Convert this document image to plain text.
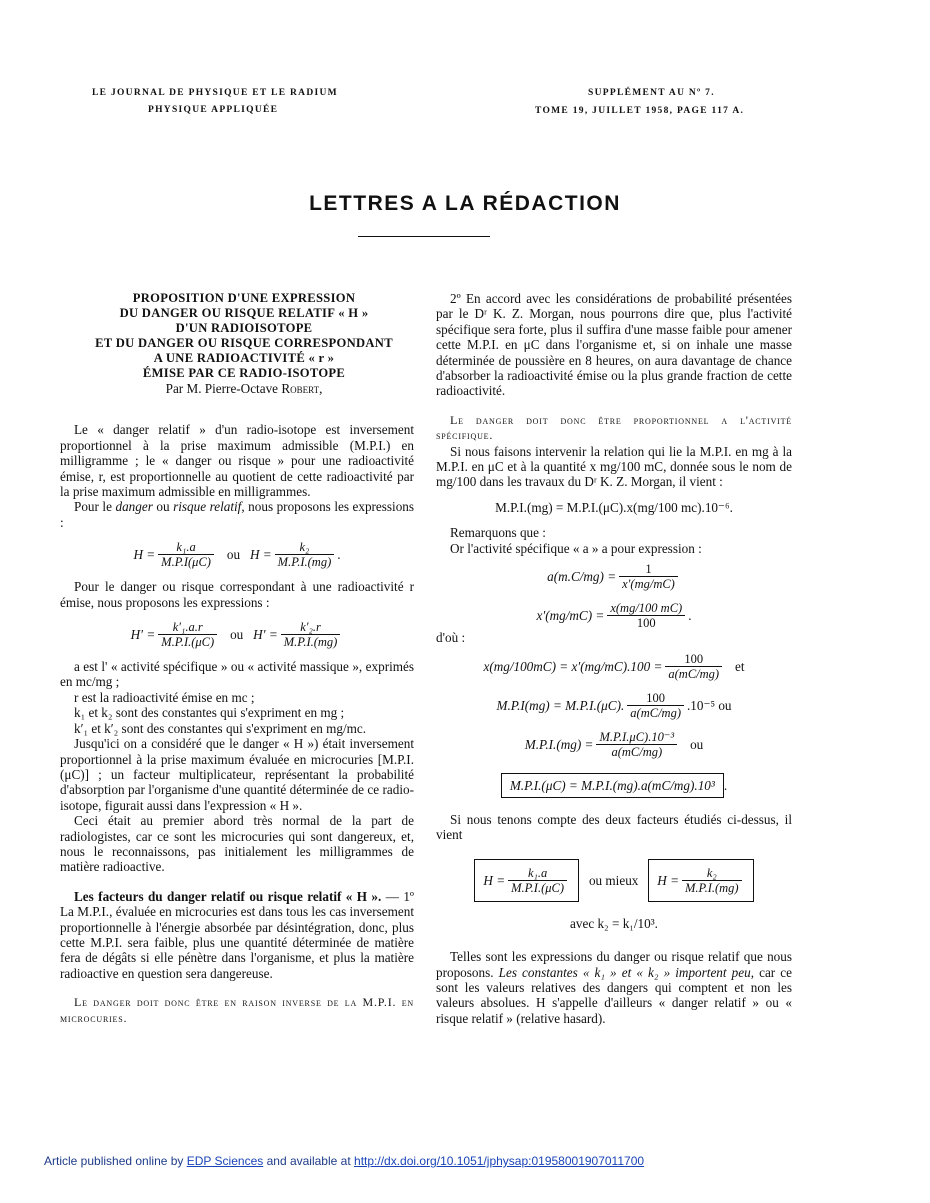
LE JOURNAL DE PHYSIQUE ET LE RADIUM
PHYSIQUE APPLIQUÉE
SUPPLÉMENT AU Nº 7.
TOME 19, JUILLET 1958, PAGE 117 A.
LETTRES A LA RÉDACTION

PROPOSITION D'UNE EXPRESSION

DU DANGER OU RISQUE RELATIF « H »

D'UN RADIOISOTOPE

ET DU DANGER OU RISQUE CORRESPONDANT

A UNE RADIOACTIVITÉ « r »

ÉMISE PAR CE RADIO-ISOTOPE

Par M. Pierre-Octave Robert,

Le « danger relatif » d'un radio-isotope est inversement proportionnel à la prise maximum admissible (M.P.I.) en milligramme ; le « danger ou risque » pour une radioactivité émise, r, est proportionnelle au quotient de cette radioactivité par la prise maximum admissible en milligrammes.

Pour le danger ou risque relatif, nous proposons les expressions :

$H = \frac{\text{k₁.a}}{M.P.I(\mu C)}$ ou $H = \frac{\text{k₂}}{M.P.I.(mg)}$ .

Pour le danger ou risque correspondant à une radioactivité r émise, nous proposons les expressions :

$H' = \frac{\text{k′₁.a.r}}{M.P.I.(\mu C)}$ ou $H' = \frac{\text{k′₂.r}}{M.P.I.(mg)}$

a est l' « activité spécifique » ou « activité massique », exprimés en mc/mg ;

r est la radioactivité émise en mc ;

k₁ et k₂ sont des constantes qui s'expriment en mg ;

k′₁ et k′₂ sont des constantes qui s'expriment en mg/mc.

Jusqu'ici on a considéré que le danger « H ») était inversement proportionnel à la prise maximum évaluée en microcuries [M.P.I.(μC)] ; un facteur multiplicateur, représentant la probabilité d'absorption par l'organisme d'une quantité déterminée de ce radio-isotope, figurait aussi dans l'expression « H ».

Ceci était au premier abord très normal de la part de radiologistes, car ce sont les microcuries qui sont dangereux, et, nous le reconnaissons, pas initialement les milligrammes de matière radioactive.

Les facteurs du danger relatif ou risque relatif « H ». — 1º La M.P.I., évaluée en microcuries est dans tous les cas inversement proportionnelle à l'énergie absorbée par désintégration, donc, plus cette M.P.I. sera faible, plus une quantité déterminée de matière fera de dégâts si elle pénètre dans l'organisme, et plus la matière radioactive en question sera dangereuse.

Le danger doit donc être en raison inverse de la M.P.I. en microcuries.

2º En accord avec les considérations de probabilité présentées par le Dʳ K. Z. Morgan, nous pourrons dire que, plus l'activité spécifique sera forte, plus il suffira d'une masse faible pour amener cette M.P.I. en μC dans l'organisme et, si on inhale une masse déterminée de poussière en 8 heures, on aura davantage de chance d'absorber la radioactivité émise ou la plus grande fraction de cette radioactivité.

Le danger doit donc être proportionnel a l'activité spécifique.

Si nous faisons intervenir la relation qui lie la M.P.I. en mg à la M.P.I. en μC et à la quantité x mg/100 mC, donnée sous le nom de mg/100 dans les travaux du Dʳ K. Z. Morgan, il vient :

M.P.I.(mg) = M.P.I.(μC).x(mg/100 mc).10⁻⁶.

Remarquons que :

Or l'activité spécifique « a » a pour expression :

$a(m.C/mg) = \frac{1}{x'(mg/mC)}$
$x'(mg/mC) = \frac{x(mg/100 mC)}{100}$ .

d'où :

$x(mg/100mC) = x'(mg/mC).100 = \frac{100}{a(mC/mg)}$ et
M.P.I(mg) = M.P.I.(μC). $\frac{100}{a(mC/mg)} .10^{-5}$ ou
$M.P.I.(mg) = \frac{\text{M.P.I.μC).10⁻³}}{a(mC/mg)}$ ou
M.P.I.(μC) = M.P.I.(mg).a(mC/mg).10³ .

Si nous tenons compte des deux facteurs étudiés ci-dessus, il vient

$H = \frac{\text{k₁.a}}{M.P.I.(\mu C)}$ ou mieux $H = \frac{\text{k₂}}{M.P.I.(mg)}$
avec k₂ = k₁/10³.

Telles sont les expressions du danger ou risque relatif que nous proposons. Les constantes « k₁ » et « k₂ » importent peu, car ce sont les valeurs relatives des dangers qui comptent et non les valeurs absolues. H s'appelle d'ailleurs « danger relatif » ou « risque relatif » (relative hasard).

Article published online by EDP Sciences and available at http://dx.doi.org/10.1051/jphysap:01958001907011700
